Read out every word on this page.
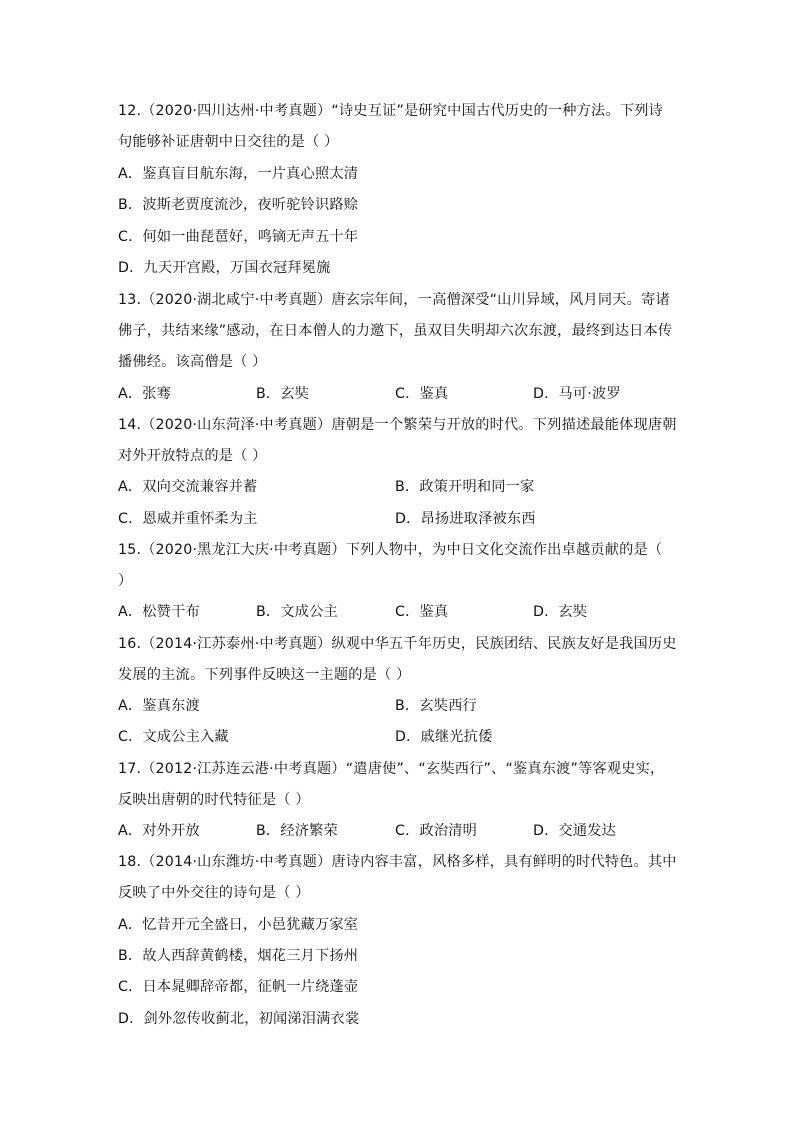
12.（2020·四川达州·中考真题）“诗史互证”是研究中国古代历史的一种方法。下列诗
句能够补证唐朝中日交往的是（ ）
A．鉴真盲目航东海，一片真心照太清
B．波斯老贾度流沙，夜听驼铃识路赊
C．何如一曲琵琶好，鸣镝无声五十年
D．九天开宫殿，万国衣冠拜冕旒
13.（2020·湖北咸宁·中考真题）唐玄宗年间，一高僧深受“山川异域，风月同天。寄诸
佛子，共结来缘”感动，在日本僧人的力邀下，虽双目失明却六次东渡，最终到达日本传
播佛经。该高僧是（ ）
A．张骞	B．玄奘	C．鉴真	D．马可·波罗
14.（2020·山东菏泽·中考真题）唐朝是一个繁荣与开放的时代。下列描述最能体现唐朝
对外开放特点的是（ ）
A．双向交流兼容并蓄	B．政策开明和同一家
C．恩威并重怀柔为主	D．昂扬进取泽被东西
15.（2020·黑龙江大庆·中考真题）下列人物中，为中日文化交流作出卓越贡献的是（
）
A．松赞干布	B．文成公主	C．鉴真	D．玄奘
16.（2014·江苏泰州·中考真题）纵观中华五千年历史，民族团结、民族友好是我国历史
发展的主流。下列事件反映这一主题的是（ ）
A．鉴真东渡	B．玄奘西行
C．文成公主入藏	D．戚继光抗倭
17.（2012·江苏连云港·中考真题）“遣唐使”、“玄奘西行”、“鉴真东渡”等客观史实，
反映出唐朝的时代特征是（ ）
A．对外开放	B．经济繁荣	C．政治清明	D．交通发达
18.（2014·山东潍坊·中考真题）唐诗内容丰富，风格多样，具有鲜明的时代特色。其中
反映了中外交往的诗句是（ ）
A．忆昔开元全盛日，小邑犹藏万家室
B．故人西辞黄鹤楼，烟花三月下扬州
C．日本晁卿辞帝都，征帆一片绕蓬壶
D．剑外忽传收蓟北，初闻涕泪满衣裳
